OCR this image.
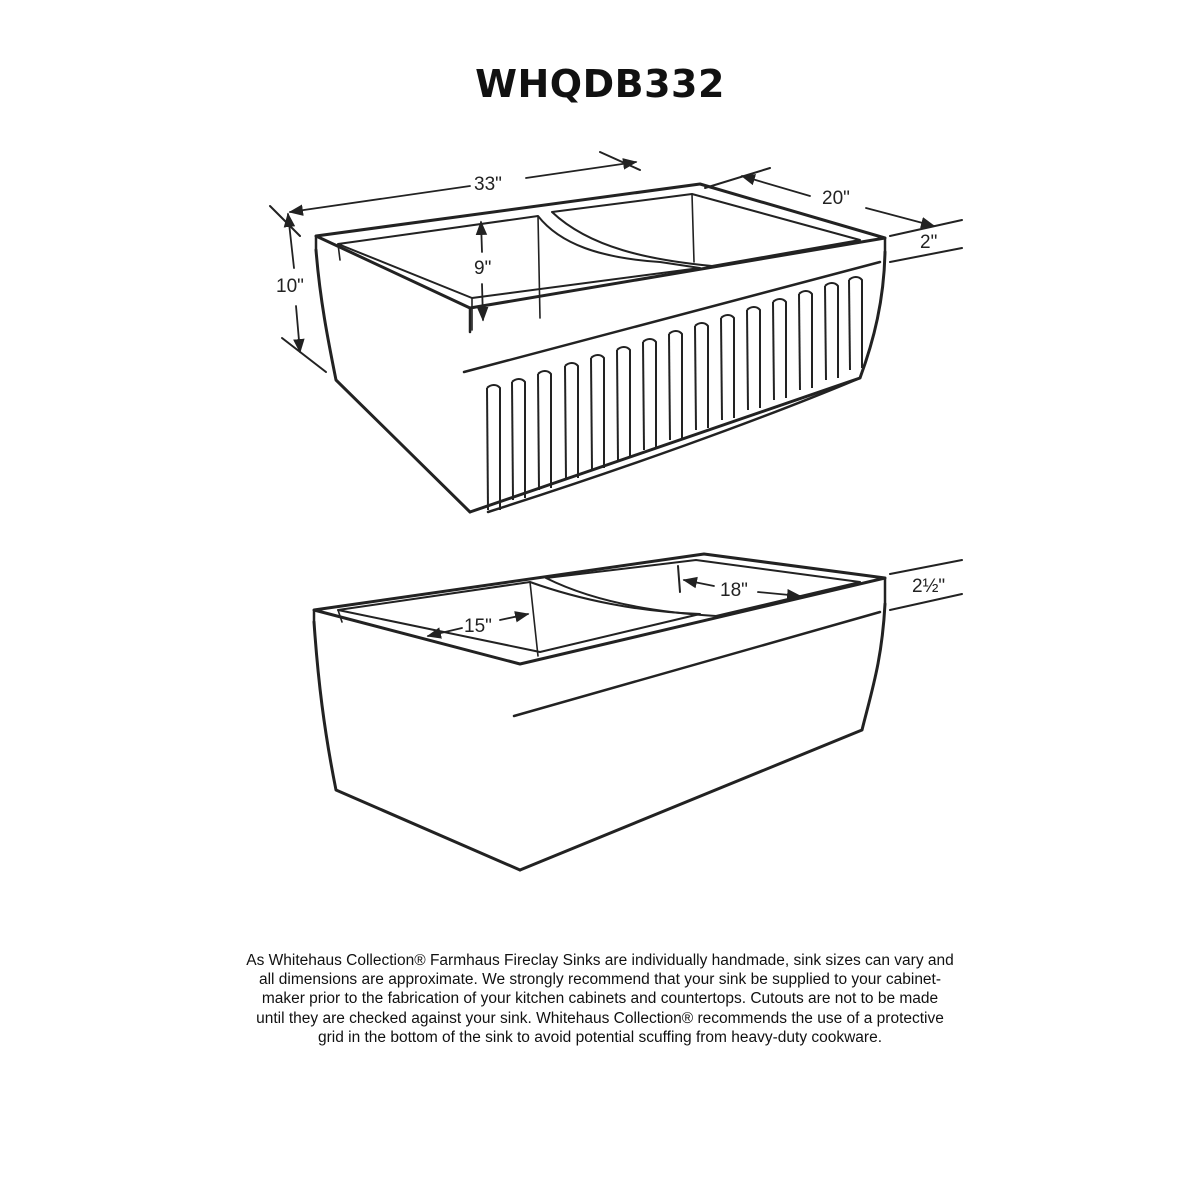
WHQDB332
33"
20"
2"
10"
9"
18"
15"
2½"
As Whitehaus Collection® Farmhaus Fireclay Sinks are individually handmade, sink sizes can vary and
all dimensions are approximate. We strongly recommend that your sink be supplied to your cabinet-
maker prior to the fabrication of your kitchen cabinets and countertops. Cutouts are not to be made
until they are checked against your sink. Whitehaus Collection® recommends the use of a protective
grid in the bottom of the sink to avoid potential scuffing from heavy-duty cookware.
